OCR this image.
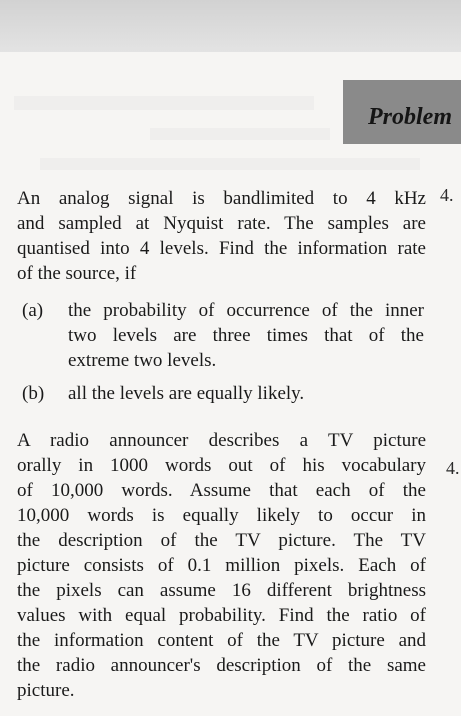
Problem
4.
4.
An analog signal is bandlimited to 4 kHz
and sampled at Nyquist rate. The samples are
quantised into 4 levels. Find the information rate
of the source, if
(a) the probability of occurrence of the inner
two levels are three times that of the
extreme two levels.
(b) all the levels are equally likely.
A radio announcer describes a TV picture
orally in 1000 words out of his vocabulary
of 10,000 words. Assume that each of the
10,000 words is equally likely to occur in
the description of the TV picture. The TV
picture consists of 0.1 million pixels. Each of
the pixels can assume 16 different brightness
values with equal probability. Find the ratio of
the information content of the TV picture and
the radio announcer's description of the same
picture.
